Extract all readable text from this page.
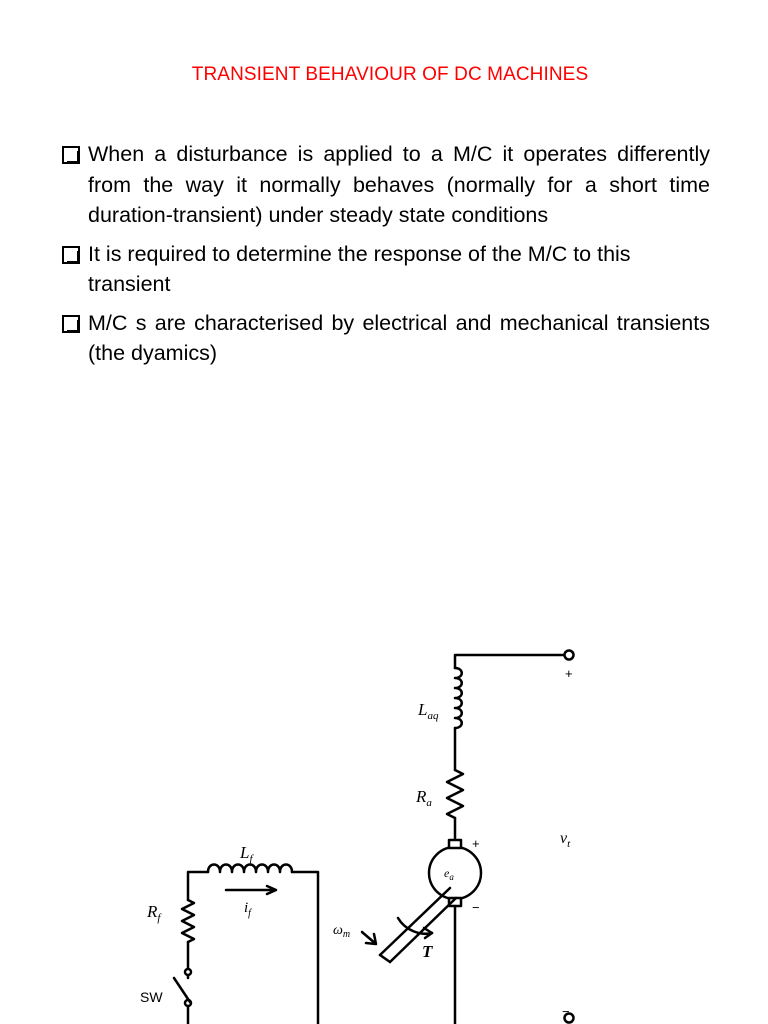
TRANSIENT BEHAVIOUR OF DC MACHINES
When a disturbance is applied to a M/C it operates differently from the way it normally behaves (normally for a short time duration-transient) under steady state conditions
It is required to determine the response of the M/C to this transient
M/C s are characterised by electrical and mechanical transients (the dyamics)
$L_{aq}$
$R_a$
$v_t$
$e_a$
$L_f$
$i_f$
$R_f$
$\omega_m$
T
SW
+
+
−
−
